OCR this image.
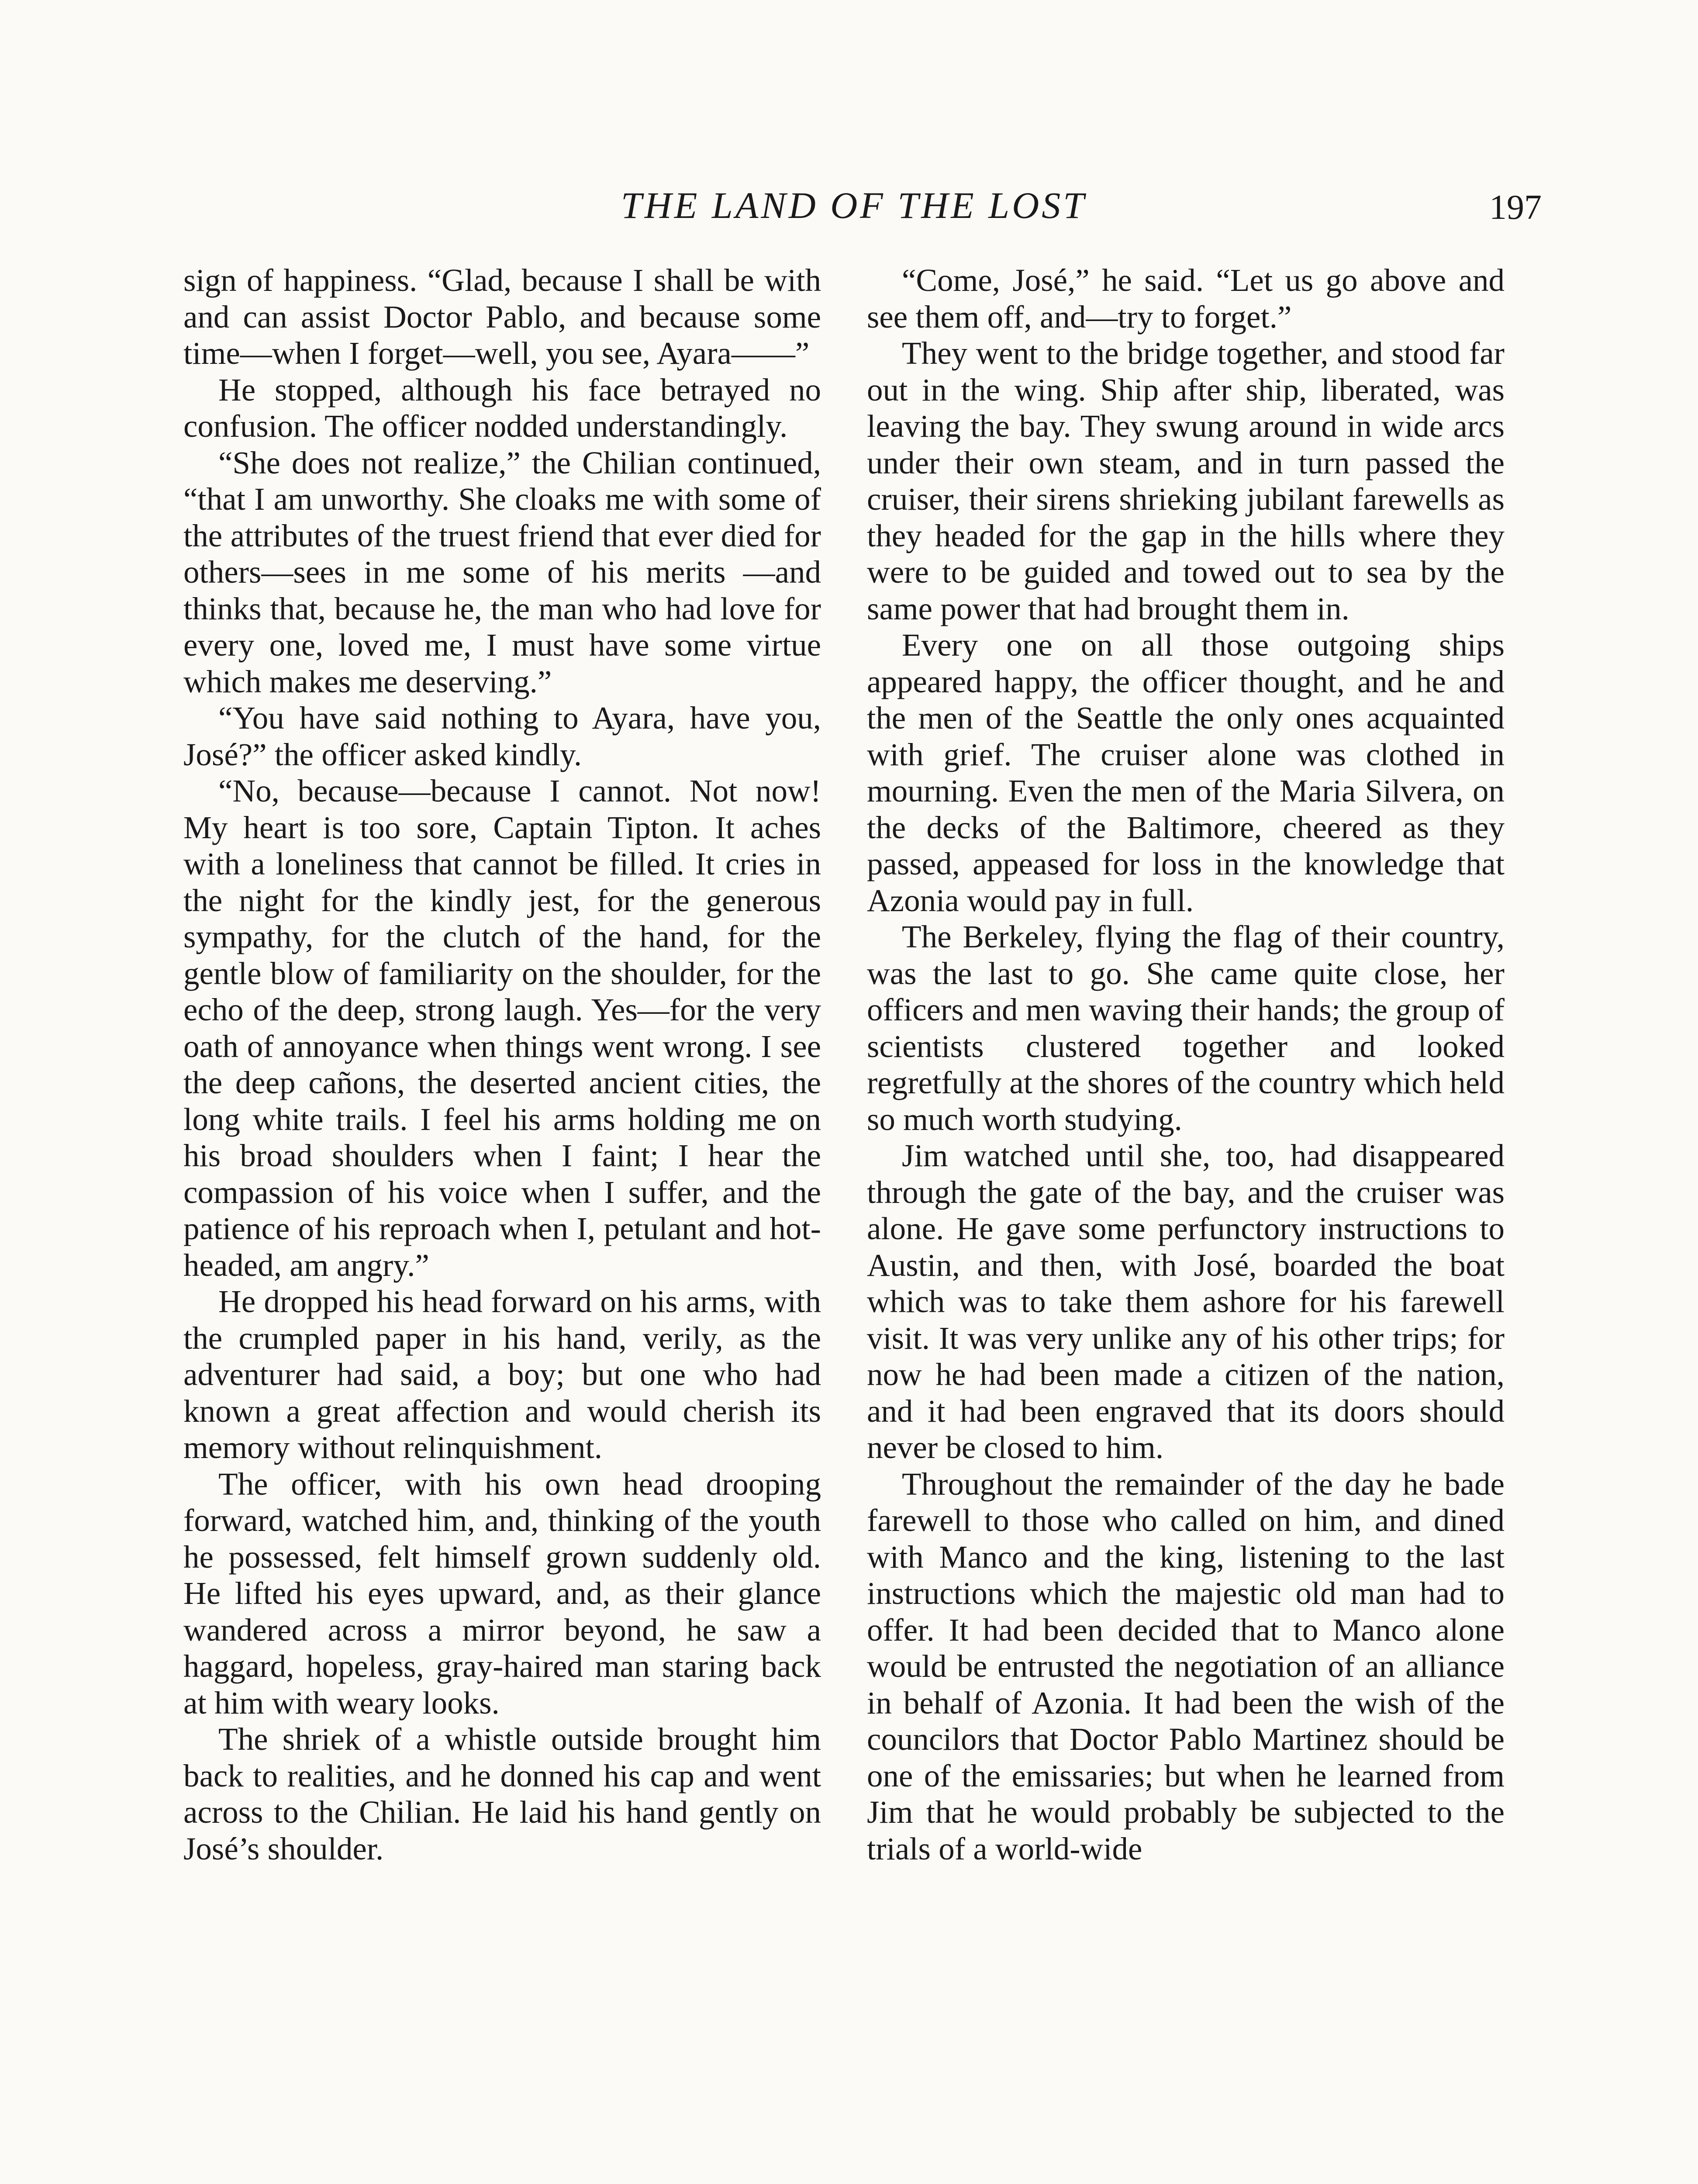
THE LAND OF THE LOST	197

sign of happiness. “Glad, because I shall be with and can assist Doctor Pablo, and because some time—when I forget—well, you see, Ayara——”

He stopped, although his face betrayed no confusion. The officer nodded understandingly.

“She does not realize,” the Chilian continued, “that I am unworthy. She cloaks me with some of the attributes of the truest friend that ever died for others—sees in me some of his merits —and thinks that, because he, the man who had love for every one, loved me, I must have some virtue which makes me deserving.”

“You have said nothing to Ayara, have you, José?” the officer asked kindly.

“No, because—because I cannot. Not now! My heart is too sore, Captain Tipton. It aches with a loneliness that cannot be filled. It cries in the night for the kindly jest, for the generous sympathy, for the clutch of the hand, for the gentle blow of familiarity on the shoulder, for the echo of the deep, strong laugh. Yes—for the very oath of annoyance when things went wrong. I see the deep cañons, the deserted ancient cities, the long white trails. I feel his arms holding me on his broad shoulders when I faint; I hear the compassion of his voice when I suffer, and the patience of his reproach when I, petulant and hot-headed, am angry.”

He dropped his head forward on his arms, with the crumpled paper in his hand, verily, as the adventurer had said, a boy; but one who had known a great affection and would cherish its memory without relinquishment.

The officer, with his own head drooping forward, watched him, and, thinking of the youth he possessed, felt himself grown suddenly old. He lifted his eyes upward, and, as their glance wandered across a mirror beyond, he saw a haggard, hopeless, gray-haired man staring back at him with weary looks.

The shriek of a whistle outside brought him back to realities, and he donned his cap and went across to the Chilian. He laid his hand gently on José’s shoulder.

“Come, José,” he said. “Let us go above and see them off, and—try to forget.”

They went to the bridge together, and stood far out in the wing. Ship after ship, liberated, was leaving the bay. They swung around in wide arcs under their own steam, and in turn passed the cruiser, their sirens shrieking jubilant farewells as they headed for the gap in the hills where they were to be guided and towed out to sea by the same power that had brought them in.

Every one on all those outgoing ships appeared happy, the officer thought, and he and the men of the Seattle the only ones acquainted with grief. The cruiser alone was clothed in mourning. Even the men of the Maria Silvera, on the decks of the Baltimore, cheered as they passed, appeased for loss in the knowledge that Azonia would pay in full.

The Berkeley, flying the flag of their country, was the last to go. She came quite close, her officers and men waving their hands; the group of scientists clustered together and looked regretfully at the shores of the country which held so much worth studying.

Jim watched until she, too, had disappeared through the gate of the bay, and the cruiser was alone. He gave some perfunctory instructions to Austin, and then, with José, boarded the boat which was to take them ashore for his farewell visit. It was very unlike any of his other trips; for now he had been made a citizen of the nation, and it had been engraved that its doors should never be closed to him.

Throughout the remainder of the day he bade farewell to those who called on him, and dined with Manco and the king, listening to the last instructions which the majestic old man had to offer. It had been decided that to Manco alone would be entrusted the negotiation of an alliance in behalf of Azonia. It had been the wish of the councilors that Doctor Pablo Martinez should be one of the emissaries; but when he learned from Jim that he would probably be subjected to the trials of a world-wide
